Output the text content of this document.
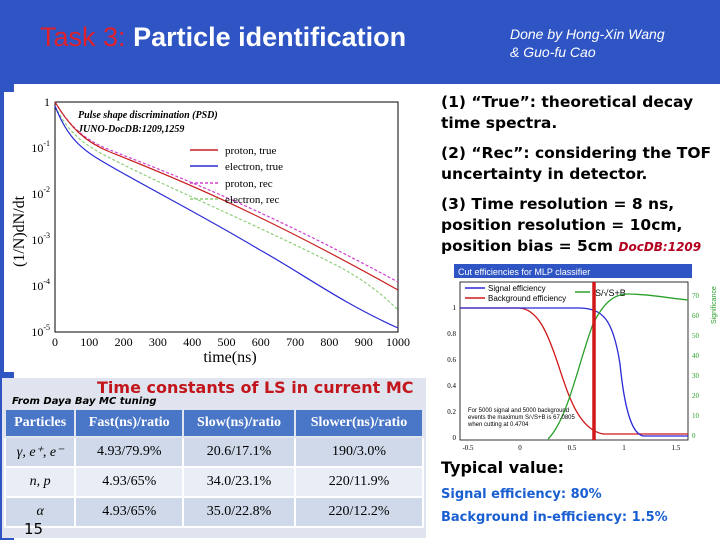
Task 3: Particle identification	Done by Hong-Xin Wang
& Guo-fu Cao
Pulse shape discrimination (PSD)
JUNO-DocDB:1209,1259
(1/N)dN/dt
time(ns)
1
$10^{-1}$
$10^{-2}$
$10^{-3}$
$10^{-4}$
$10^{-5}$
0 100 200 300 400 500 600 700 800 900 1000
proton, true
electron, true
proton, rec
electron, rec
Cut efficiencies for MLP classifier
Signal efficiency
Background efficiency
S/√S+B
For 5000 signal and 5000 background events the maximum S/√S+B is 67.0805 when cutting at 0.4704
1
0.8
0.6
0.4
0.2
0
70
60
50
40
30
20
10
0
-0.5	0	0.5	1	1.5
Significance

(1) “True”: theoretical decay time spectra.

(2) “Rec”: considering the TOF uncertainty in detector.

(3) Time resolution = 8 ns, position resolution = 10cm, position bias = 5cm DocDB:1209

Typical value:
Signal efficiency: 80%
Background in-efficiency: 1.5%
Time constants of LS in current MC
From Daya Bay MC tuning
Particles	Fast(ns)/ratio	Slow(ns)/ratio	Slower(ns)/ratio
γ, e⁺, e⁻	4.93/79.9%	20.6/17.1%	190/3.0%
n, p	4.93/65%	34.0/23.1%	220/11.9%
α	4.93/65%	35.0/22.8%	220/12.2%
15
